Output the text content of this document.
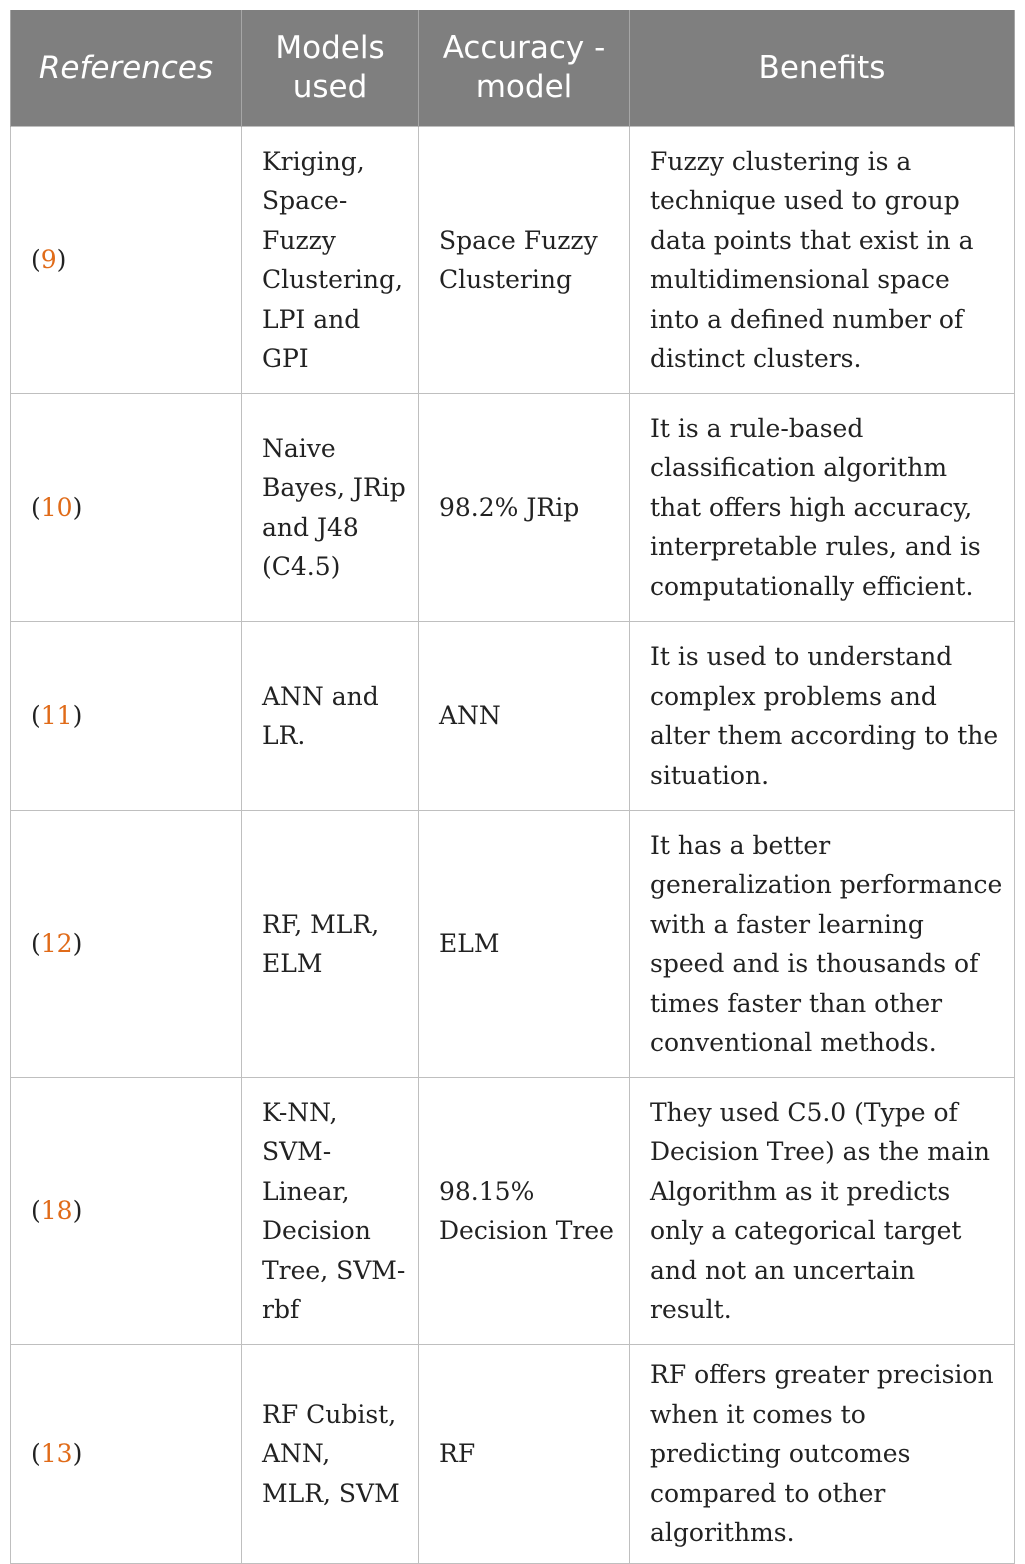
References	Models used	Accuracy - model	Benefits
(9)	Kriging, Space-Fuzzy Clustering, LPI and GPI	Space Fuzzy Clustering	Fuzzy clustering is a technique used to group data points that exist in a multidimensional space into a defined number of distinct clusters.
(10)	Naive Bayes, JRip and J48 (C4.5)	98.2% JRip	It is a rule-based classification algorithm that offers high accuracy, interpretable rules, and is computationally efficient.
(11)	ANN and LR.	ANN	It is used to understand complex problems and alter them according to the situation.
(12)	RF, MLR, ELM	ELM	It has a better generalization performance with a faster learning speed and is thousands of times faster than other conventional methods.
(18)	K-NN, SVM-Linear, Decision Tree, SVM-rbf	98.15% Decision Tree	They used C5.0 (Type of Decision Tree) as the main Algorithm as it predicts only a categorical target and not an uncertain result.
(13)	RF Cubist, ANN, MLR, SVM	RF	RF offers greater precision when it comes to predicting outcomes compared to other algorithms.
